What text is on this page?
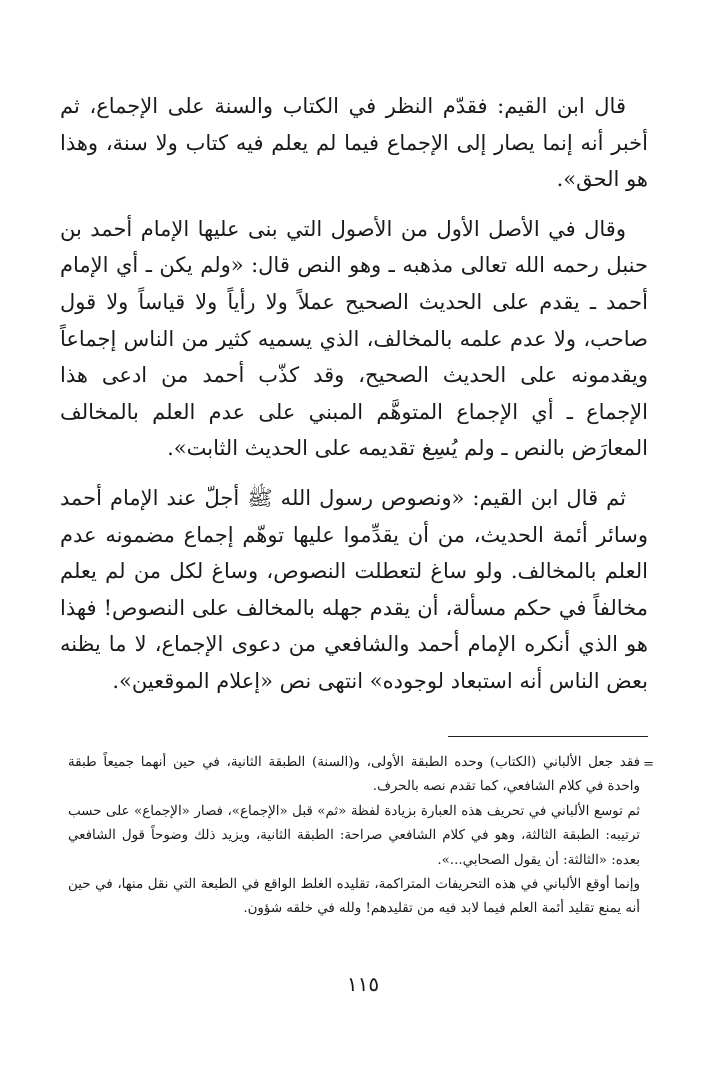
قال ابن القيم: فقدّم النظر في الكتاب والسنة على الإجماع، ثم أخبر أنه إنما يصار إلى الإجماع فيما لم يعلم فيه كتاب ولا سنة، وهذا هو الحق».

وقال في الأصل الأول من الأصول التي بنى عليها الإمام أحمد بن حنبل رحمه الله تعالى مذهبه ـ وهو النص قال: «ولم يكن ـ أي الإمام أحمد ـ يقدم على الحديث الصحيح عملاً ولا رأياً ولا قياساً ولا قول صاحب، ولا عدم علمه بالمخالف، الذي يسميه كثير من الناس إجماعاً ويقدمونه على الحديث الصحيح، وقد كذّب أحمد من ادعى هذا الإجماع ـ أي الإجماع المتوهَّم المبني على عدم العلم بالمخالف المعارَض بالنص ـ ولم يُسِغ تقديمه على الحديث الثابت».

ثم قال ابن القيم: «ونصوص رسول الله ﷺ أجلّ عند الإمام أحمد وسائر أئمة الحديث، من أن يقدِّموا عليها توهّم إجماع مضمونه عدم العلم بالمخالف. ولو ساغ لتعطلت النصوص، وساغ لكل من لم يعلم مخالفاً في حكم مسألة، أن يقدم جهله بالمخالف على النصوص! فهذا هو الذي أنكره الإمام أحمد والشافعي من دعوى الإجماع، لا ما يظنه بعض الناس أنه استبعاد لوجوده» انتهى نص «إعلام الموقعين».

=

فقد جعل الألباني (الكتاب) وحده الطبقة الأولى، و(السنة) الطبقة الثانية، في حين أنهما جميعاً طبقة واحدة في كلام الشافعي، كما تقدم نصه بالحرف.

ثم توسع الألباني في تحريف هذه العبارة بزيادة لفظة «ثم» قبل «الإجماع»، فصار «الإجماع» على حسب ترتيبه: الطبقة الثالثة، وهو في كلام الشافعي صراحة: الطبقة الثانية، ويزيد ذلك وضوحاً قول الشافعي بعده: «الثالثة: أن يقول الصحابي...».

وإنما أوقع الألباني في هذه التحريفات المتراكمة، تقليده الغلط الواقع في الطبعة التي نقل منها، في حين أنه يمنع تقليد أئمة العلم فيما لابد فيه من تقليدهم! ولله في خلقه شؤون.

١١٥
